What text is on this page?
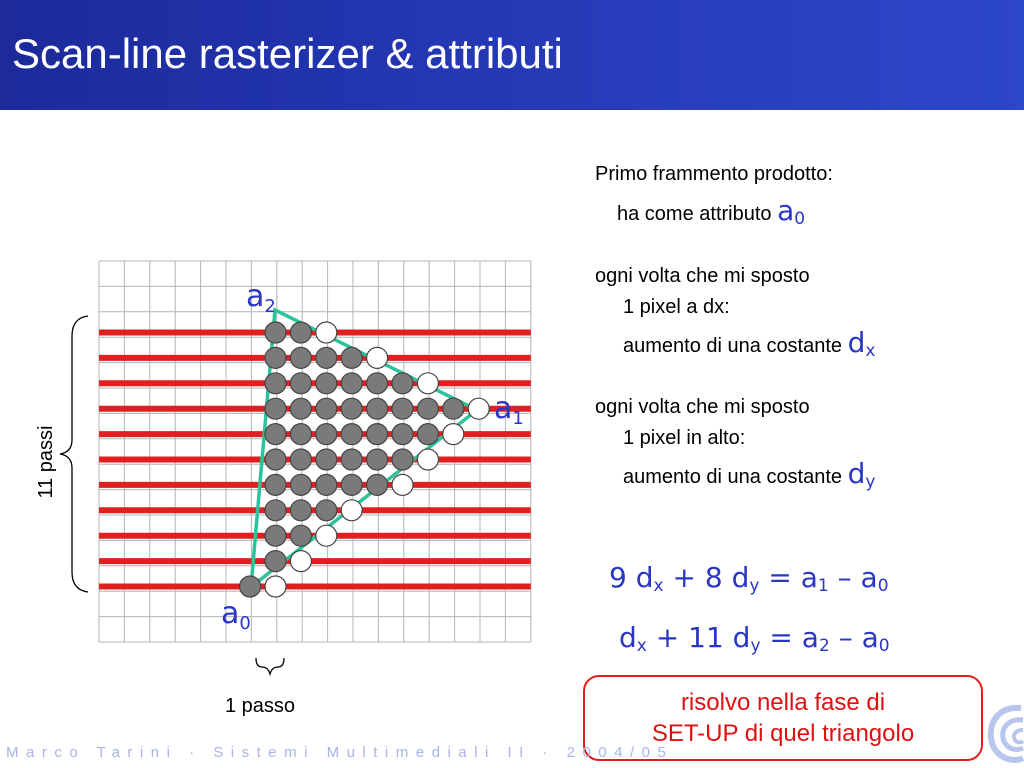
Scan-line rasterizer & attributi
$a_2$
$a_1$
$a_0$
11 passi
1 passo
Primo frammento prodotto:
ha come attributo $a_0$
ogni volta che mi sposto
1 pixel a dx:
aumento di una costante $d_x$
ogni volta che mi sposto
1 pixel in alto:
aumento di una costante $d_y$
9 $d_x + 8$ $d_y = a_1 - a_0$
$d_x + 11$ $d_y = a_2 - a_0$
risolvo nella fase di
SET-UP di quel triangolo
Marco Tarini · Sistemi Multimediali II · 2004/05
